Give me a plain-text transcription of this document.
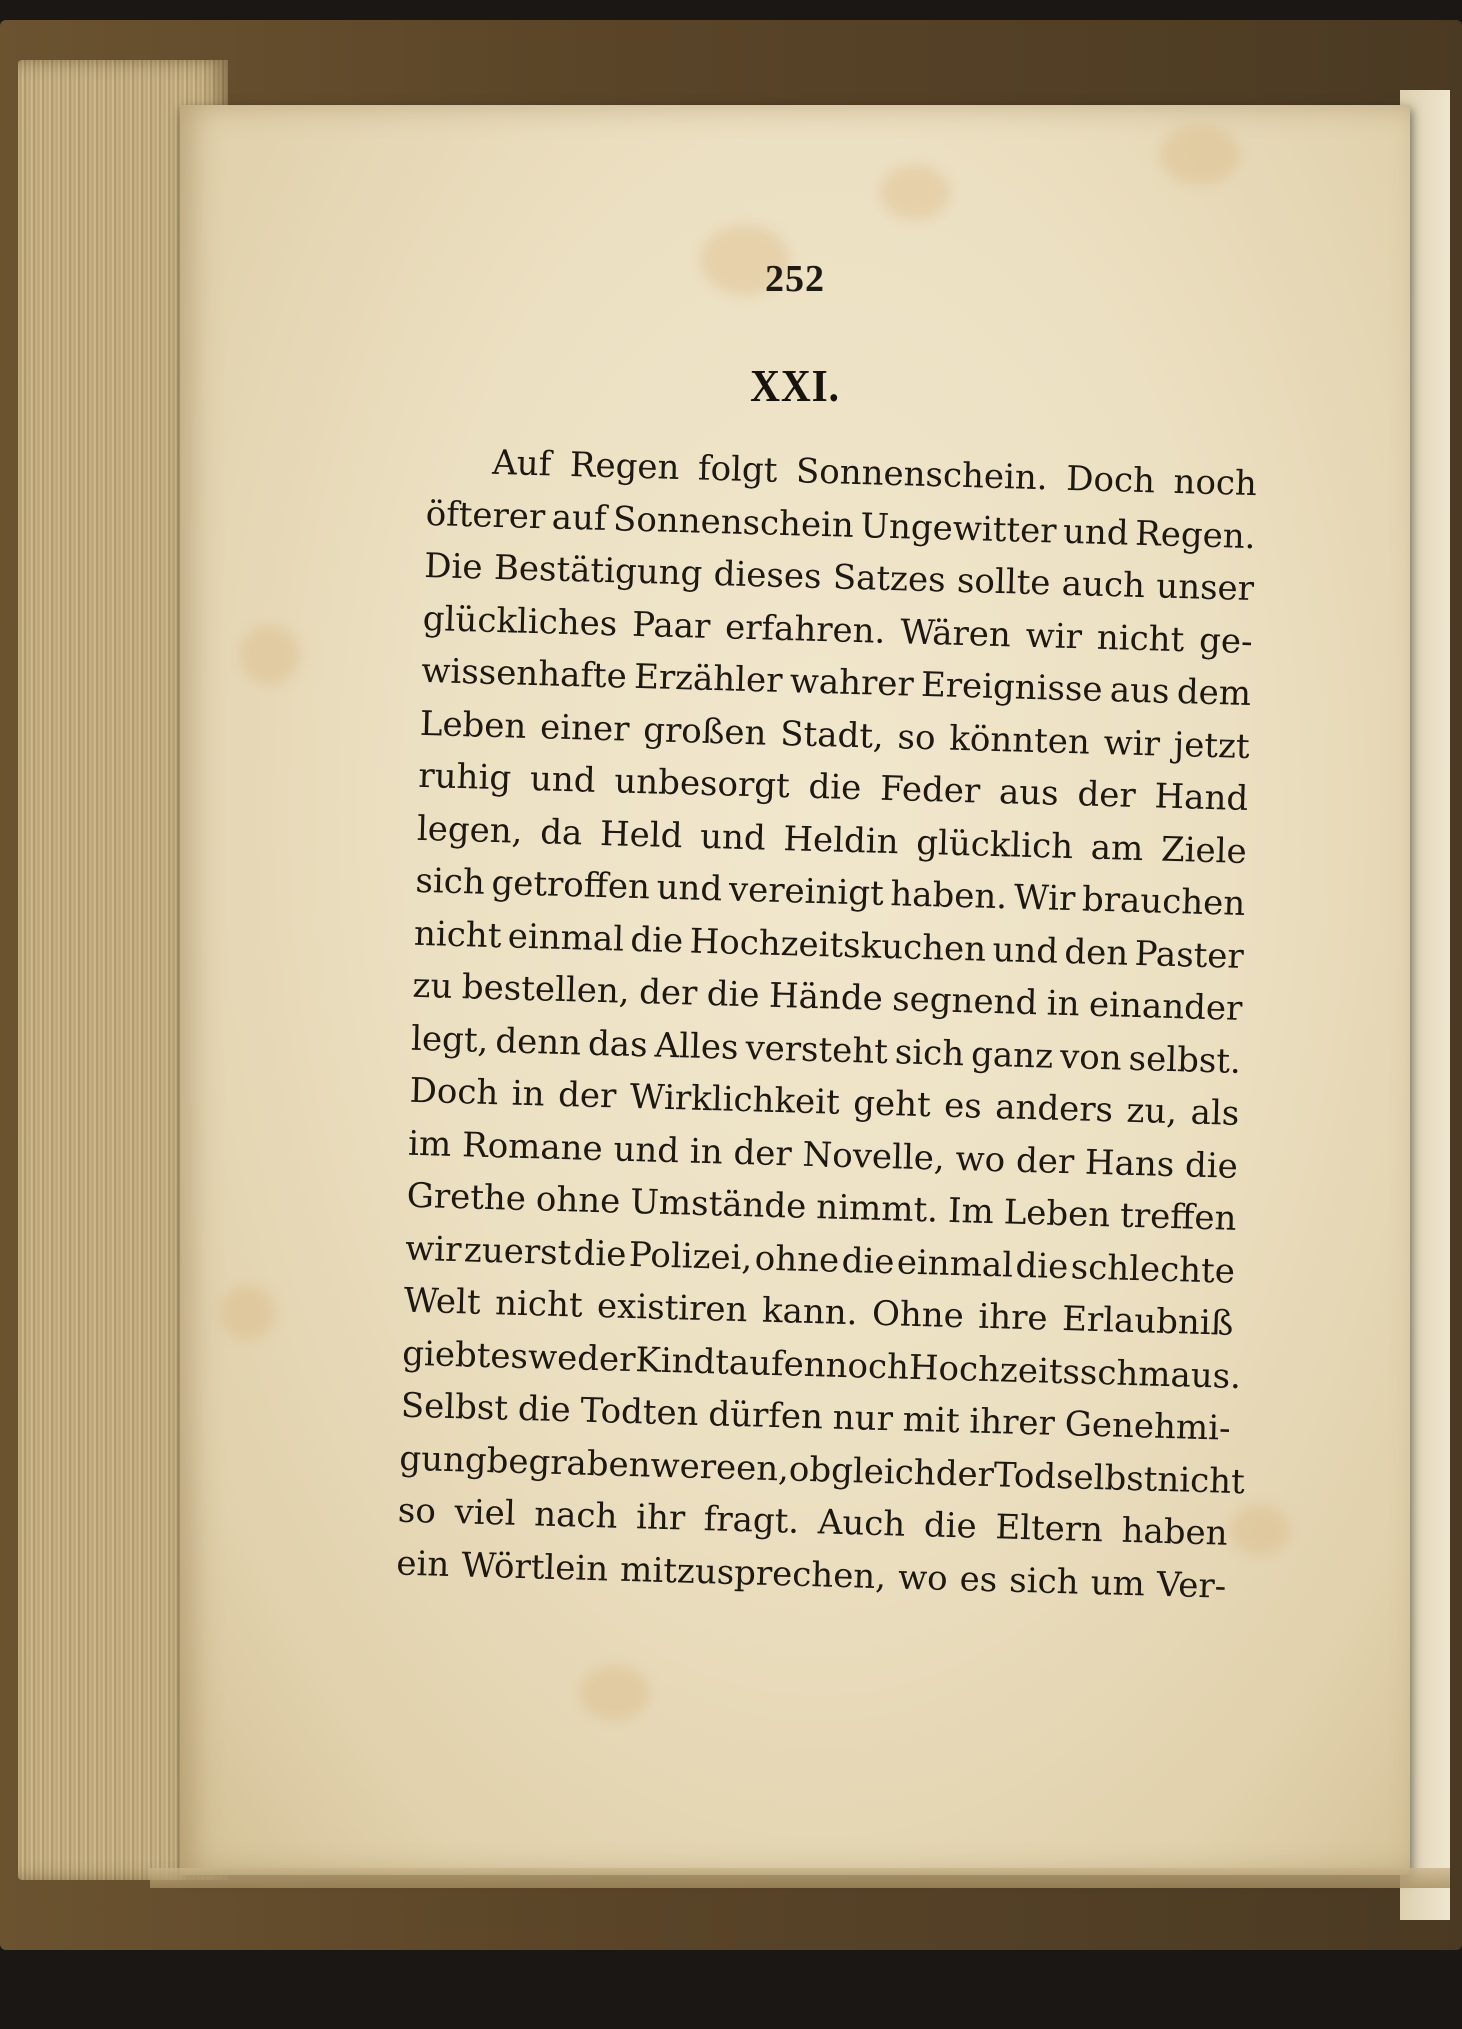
252
XXI.
Auf Regen folgt Sonnenschein. Doch noch
öfterer auf Sonnenschein Ungewitter und Regen.
Die Bestätigung dieses Satzes sollte auch unser
glückliches Paar erfahren. Wären wir nicht ge-
wissenhafte Erzähler wahrer Ereignisse aus dem
Leben einer großen Stadt, so könnten wir jetzt
ruhig und unbesorgt die Feder aus der Hand
legen, da Held und Heldin glücklich am Ziele
sich getroffen und vereinigt haben. Wir brauchen
nicht einmal die Hochzeitskuchen und den Paster
zu bestellen, der die Hände segnend in einander
legt, denn das Alles versteht sich ganz von selbst.
Doch in der Wirklichkeit geht es anders zu, als
im Romane und in der Novelle, wo der Hans die
Grethe ohne Umstände nimmt. Im Leben treffen
wir zuerst die Polizei, ohne die einmal die schlechte
Welt nicht existiren kann. Ohne ihre Erlaubniß
giebt
es
weder
Kindtaufen
noch
Hochzeitsschmaus.
Selbst die Todten dürfen nur mit ihrer Genehmi-
gung
begraben
wereen,
obgleich
der
Tod
selbst
nicht
so viel nach ihr fragt. Auch die Eltern haben
ein Wörtlein mitzusprechen, wo es sich um Ver-
